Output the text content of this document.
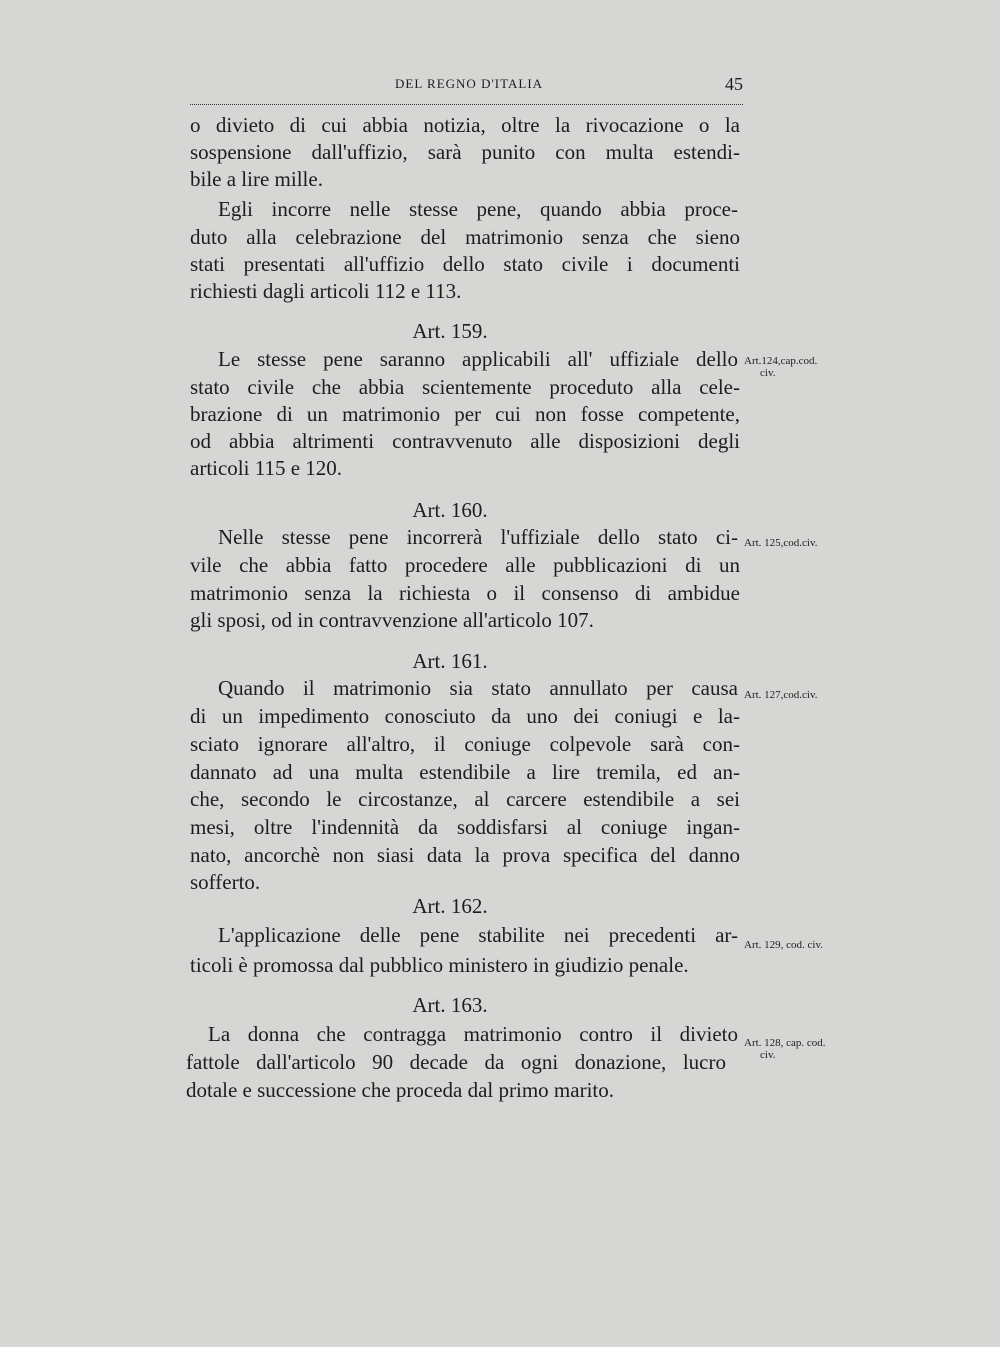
DEL REGNO D'ITALIA	45
o divieto di cui abbia notizia, oltre la rivocazione o la
sospensione dall'uffizio, sarà punito con multa estendi-
bile a lire mille.
Egli incorre nelle stesse pene, quando abbia proce-
duto alla celebrazione del matrimonio senza che sieno
stati presentati all'uffizio dello stato civile i documenti
richiesti dagli articoli 112 e 113.
Art. 159.
Art.124,cap.cod.
civ.
Le stesse pene saranno applicabili all' uffiziale dello
stato civile che abbia scientemente proceduto alla cele-
brazione di un matrimonio per cui non fosse competente,
od abbia altrimenti contravvenuto alle disposizioni degli
articoli 115 e 120.
Art. 160.
Art. 125,cod.civ.
Nelle stesse pene incorrerà l'uffiziale dello stato ci-
vile che abbia fatto procedere alle pubblicazioni di un
matrimonio senza la richiesta o il consenso di ambidue
gli sposi, od in contravvenzione all'articolo 107.
Art. 161.
Art. 127,cod.civ.
Quando il matrimonio sia stato annullato per causa
di un impedimento conosciuto da uno dei coniugi e la-
sciato ignorare all'altro, il coniuge colpevole sarà con-
dannato ad una multa estendibile a lire tremila, ed an-
che, secondo le circostanze, al carcere estendibile a sei
mesi, oltre l'indennità da soddisfarsi al coniuge ingan-
nato, ancorchè non siasi data la prova specifica del danno
sofferto.
Art. 162.
Art. 129, cod. civ.
L'applicazione delle pene stabilite nei precedenti ar-
ticoli è promossa dal pubblico ministero in giudizio penale.
Art. 163.
Art. 128, cap. cod.
civ.
La donna che contragga matrimonio contro il divieto
fattole dall'articolo 90 decade da ogni donazione, lucro
dotale e successione che proceda dal primo marito.
